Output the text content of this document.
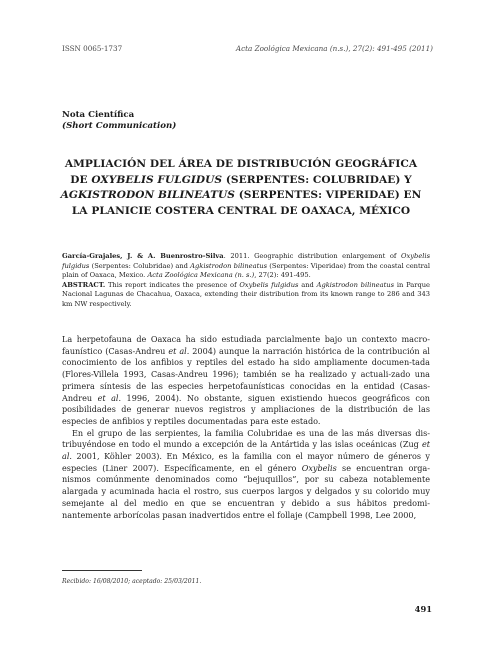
ISSN 0065-1737	Acta Zoológica Mexicana (n.s.), 27(2): 491-495 (2011)
Nota Científica
(Short Communication)
AMPLIACIÓN DEL ÁREA DE DISTRIBUCIÓN GEOGRÁFICA
DE OXYBELIS FULGIDUS (SERPENTES: COLUBRIDAE) Y
AGKISTRODON BILINEATUS (SERPENTES: VIPERIDAE) EN
LA PLANICIE COSTERA CENTRAL DE OAXACA, MÉXICO
García-Grajales, J. & A. Buenrostro-Silva. 2011. Geographic distribution enlargement of Oxybelis fulgidus (Serpentes: Colubridae) and Agkistrodon bilineatus (Serpentes: Viperidae) from the coastal central plain of Oaxaca, Mexico. Acta Zoológica Mexicana (n. s.), 27(2): 491-495.
ABSTRACT. This report indicates the presence of Oxybelis fulgidus and Agkistrodon bilineatus in Parque Nacional Lagunas de Chacahua, Oaxaca, extending their distribution from its known range to 286 and 343 km NW respectively.

La herpetofauna de Oaxaca ha sido estudiada parcialmente bajo un contexto macro-faunístico (Casas-Andreu et al. 2004) aunque la narración histórica de la contribución al conocimiento de los anfibios y reptiles del estado ha sido ampliamente documen-tada (Flores-Villela 1993, Casas-Andreu 1996); también se ha realizado y actuali-zado una primera síntesis de las especies herpetofaunísticas conocidas en la entidad (Casas-Andreu et al. 1996, 2004). No obstante, siguen existiendo huecos geográficos con posibilidades de generar nuevos registros y ampliaciones de la distribución de las especies de anfibios y reptiles documentadas para este estado.

En el grupo de las serpientes, la familia Colubridae es una de las más diversas dis-tribuyéndose en todo el mundo a excepción de la Antártida y las islas oceánicas (Zug et al. 2001, Köhler 2003). En México, es la familia con el mayor número de géneros y especies (Liner 2007). Específicamente, en el género Oxybelis se encuentran orga-nismos comúnmente denominados como “bejuquillos”, por su cabeza notablemente alargada y acuminada hacia el rostro, sus cuerpos largos y delgados y su colorido muy semejante al del medio en que se encuentran y debido a sus hábitos predomi-nantemente arborícolas pasan inadvertidos entre el follaje (Campbell 1998, Lee 2000,

Recibido: 16/08/2010; aceptado: 25/03/2011.
491
